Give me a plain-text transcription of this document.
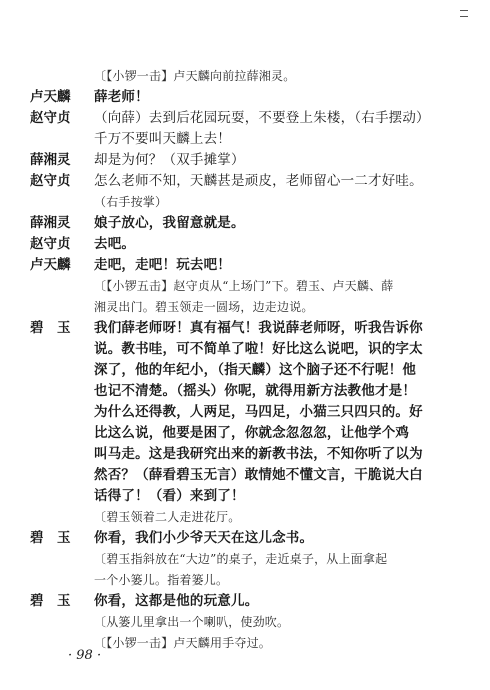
〔【小锣一击】卢天麟向前拉薛湘灵。
卢天麟	薛老师！
赵守贞	（向薛）去到后花园玩耍，不要登上朱楼，（右手摆动）
千万不要叫天麟上去！
薛湘灵	却是为何？（双手摊掌）
赵守贞	怎么老师不知，天麟甚是顽皮，老师留心一二才好哇。
（右手按掌）
薛湘灵	娘子放心，我留意就是。
赵守贞	去吧。
卢天麟	走吧，走吧！玩去吧！
〔【小锣五击】赵守贞从“上场门”下。碧玉、卢天麟、薛
湘灵出门。碧玉领走一圆场，边走边说。
碧　玉	我们薛老师呀！真有福气！我说薛老师呀，听我告诉你
说。教书哇，可不简单了啦！好比这么说吧，识的字太
深了，他的年纪小，（指天麟）这个脑子还不行呢！他
也记不清楚。（摇头）你呢，就得用新方法教他才是！
为什么还得教，人两足，马四足，小猫三只四只的。好
比这么说，他要是困了，你就念忽忽忽，让他学个鸡
叫马走。这是我研究出来的新教书法，不知你听了以为
然否？（薛看碧玉无言）敢情她不懂文言，干脆说大白
话得了！（看）来到了！
〔碧玉领着二人走进花厅。
碧　玉	你看，我们小少爷天天在这儿念书。
〔碧玉指斜放在“大边”的桌子，走近桌子，从上面拿起
一个小篓儿。指着篓儿。
碧　玉	你看，这都是他的玩意儿。
〔从篓儿里拿出一个喇叭，使劲吹。
〔【小锣一击】卢天麟用手夺过。
· 98 ·
